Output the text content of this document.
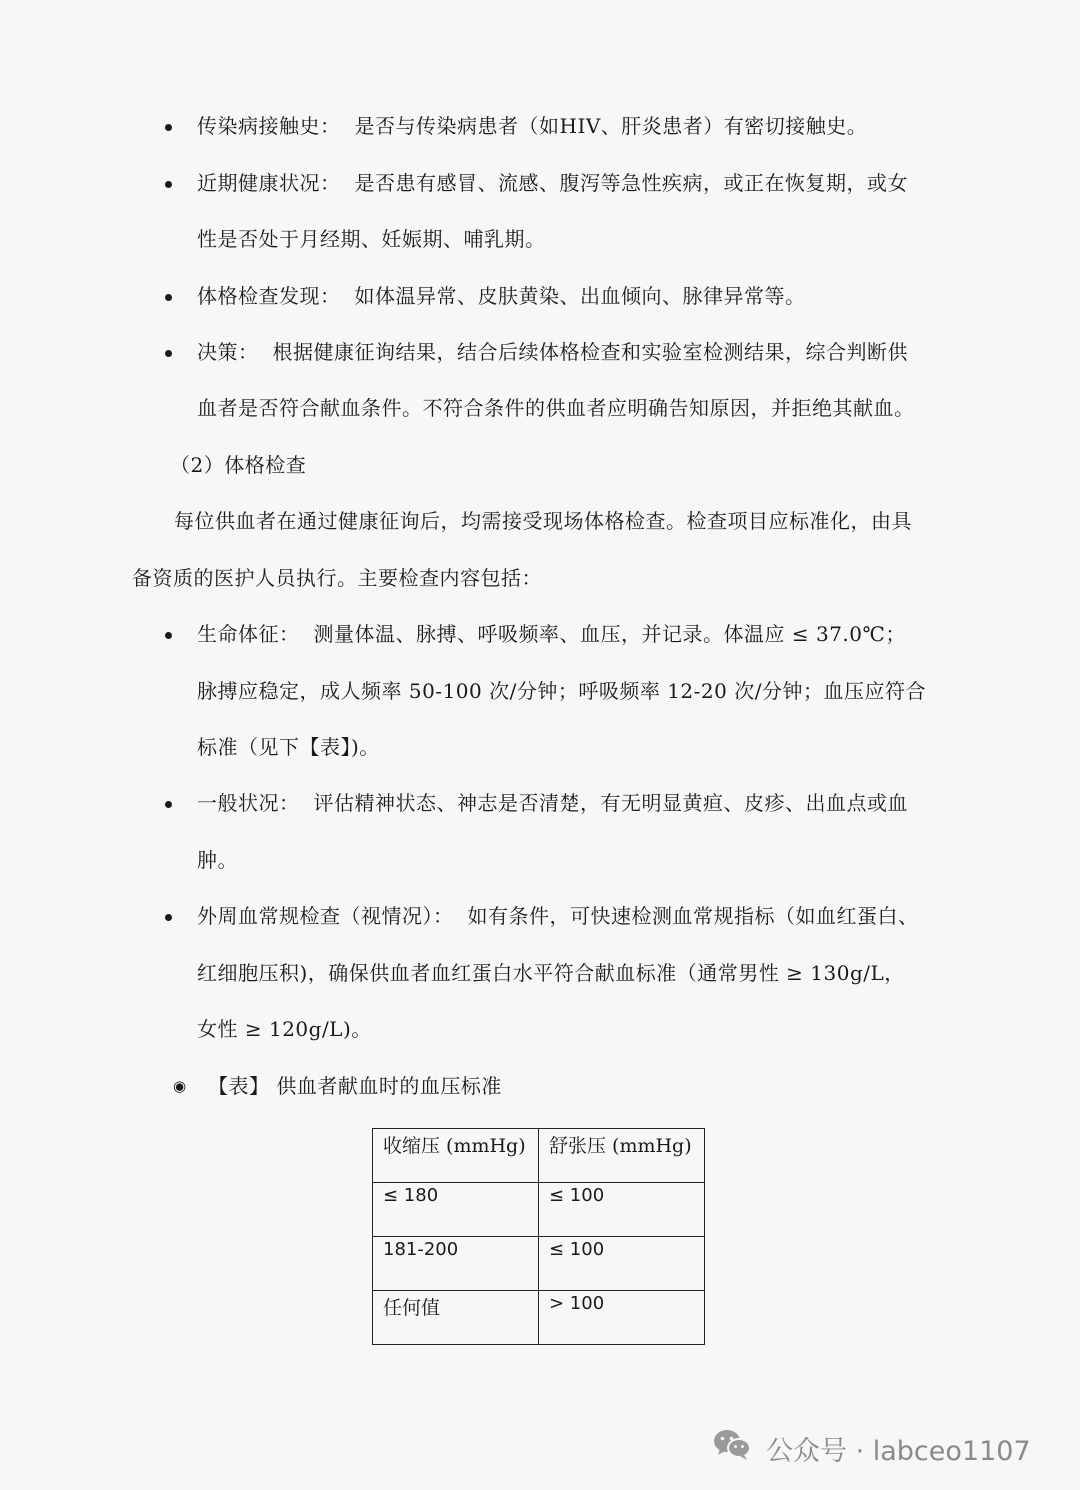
传染病接触史： 是否与传染病患者（如HIV、肝炎患者）有密切接触史。
近期健康状况： 是否患有感冒、流感、腹泻等急性疾病，或正在恢复期，或女
性是否处于月经期、妊娠期、哺乳期。
体格检查发现： 如体温异常、皮肤黄染、出血倾向、脉律异常等。
决策： 根据健康征询结果，结合后续体格检查和实验室检测结果，综合判断供
血者是否符合献血条件。不符合条件的供血者应明确告知原因，并拒绝其献血。
（2）体格检查
每位供血者在通过健康征询后，均需接受现场体格检查。检查项目应标准化，由具
备资质的医护人员执行。主要检查内容包括：
生命体征： 测量体温、脉搏、呼吸频率、血压，并记录。体温应 ≤ 37.0℃；
脉搏应稳定，成人频率 50-100 次/分钟；呼吸频率 12-20 次/分钟；血压应符合
标准（见下【表】)。
一般状况： 评估精神状态、神志是否清楚，有无明显黄疸、皮疹、出血点或血
肿。
外周血常规检查（视情况）： 如有条件，可快速检测血常规指标（如血红蛋白、
红细胞压积)，确保供血者血红蛋白水平符合献血标准（通常男性 ≥ 130g/L，
女性 ≥ 120g/L)。
◉ 【表】 供血者献血时的血压标准
收缩压 (mmHg)	舒张压 (mmHg)
≤ 180	≤ 100
181-200	≤ 100
任何值	> 100
公众号 · labceo1107
